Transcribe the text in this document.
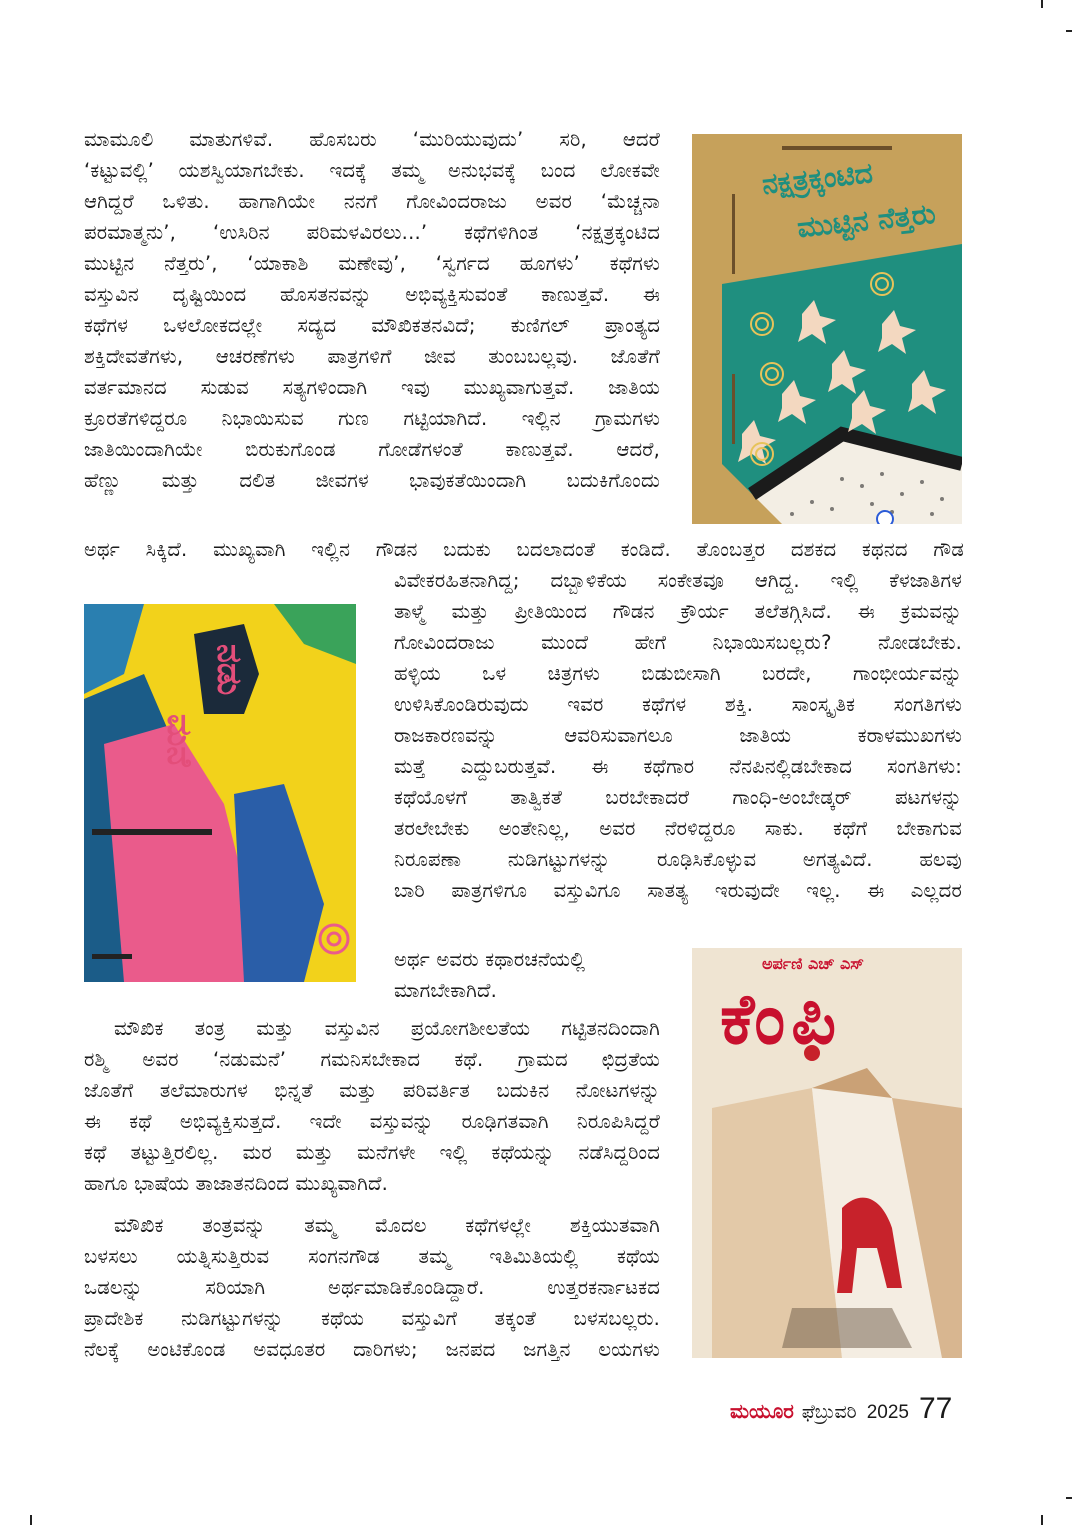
ಮಾಮೂಲಿ ಮಾತುಗಳಿವೆ. ಹೊಸಬರು ‘ಮುರಿಯುವುದು’ ಸರಿ, ಆದರೆ
‘ಕಟ್ಟುವಲ್ಲಿ’ ಯಶಸ್ವಿಯಾಗಬೇಕು. ಇದಕ್ಕೆ ತಮ್ಮ ಅನುಭವಕ್ಕೆ ಬಂದ ಲೋಕವೇ
ಆಗಿದ್ದರೆ ಒಳಿತು. ಹಾಗಾಗಿಯೇ ನನಗೆ ಗೋವಿಂದರಾಜು ಅವರ ‘ಮೆಚ್ಚನಾ
ಪರಮಾತ್ಮನು’, ‘ಉಸಿರಿನ ಪರಿಮಳವಿರಲು...’ ಕಥೆಗಳಿಗಿಂತ ‘ನಕ್ಷತ್ರಕ್ಕಂಟಿದ
ಮುಟ್ಟಿನ ನೆತ್ತರು’, ‘ಯಾಕಾಶಿ ಮಣೇವು’, ‘ಸ್ವರ್ಗದ ಹೂಗಳು’ ಕಥೆಗಳು
ವಸ್ತುವಿನ ದೃಷ್ಟಿಯಿಂದ ಹೊಸತನವನ್ನು ಅಭಿವ್ಯಕ್ತಿಸುವಂತೆ ಕಾಣುತ್ತವೆ. ಈ
ಕಥೆಗಳ ಒಳಲೋಕದಲ್ಲೇ ಸದ್ಯದ ಮೌಖಿಕತನವಿದೆ; ಕುಣಿಗಲ್ ಪ್ರಾಂತ್ಯದ
ಶಕ್ತಿದೇವತೆಗಳು, ಆಚರಣೆಗಳು ಪಾತ್ರಗಳಿಗೆ ಜೀವ ತುಂಬಬಲ್ಲವು. ಜೊತೆಗೆ
ವರ್ತಮಾನದ ಸುಡುವ ಸತ್ಯಗಳಿಂದಾಗಿ ಇವು ಮುಖ್ಯವಾಗುತ್ತವೆ. ಜಾತಿಯ
ಕ್ರೂರತೆಗಳಿದ್ದರೂ ನಿಭಾಯಿಸುವ ಗುಣ ಗಟ್ಟಿಯಾಗಿದೆ. ಇಲ್ಲಿನ ಗ್ರಾಮಗಳು
ಜಾತಿಯಿಂದಾಗಿಯೇ ಬಿರುಕುಗೊಂಡ ಗೋಡೆಗಳಂತೆ ಕಾಣುತ್ತವೆ. ಆದರೆ,
ಹೆಣ್ಣು ಮತ್ತು ದಲಿತ ಜೀವಗಳ ಭಾವುಕತೆಯಿಂದಾಗಿ ಬದುಕಿಗೊಂದು
ಅರ್ಥ ಸಿಕ್ಕಿದೆ. ಮುಖ್ಯವಾಗಿ ಇಲ್ಲಿನ ಗೌಡನ ಬದುಕು ಬದಲಾದಂತೆ ಕಂಡಿದೆ. ತೊಂಬತ್ತರ ದಶಕದ ಕಥನದ ಗೌಡ
ವಿವೇಕರಹಿತನಾಗಿದ್ದ; ದಬ್ಬಾಳಿಕೆಯ ಸಂಕೇತವೂ ಆಗಿದ್ದ. ಇಲ್ಲಿ ಕೆಳಜಾತಿಗಳ
ತಾಳ್ಮೆ ಮತ್ತು ಪ್ರೀತಿಯಿಂದ ಗೌಡನ ಕ್ರೌರ್ಯ ತಲೆತಗ್ಗಿಸಿದೆ. ಈ ಕ್ರಮವನ್ನು
ಗೋವಿಂದರಾಜು ಮುಂದೆ ಹೇಗೆ ನಿಭಾಯಿಸಬಲ್ಲರು? ನೋಡಬೇಕು.
ಹಳ್ಳಿಯ ಒಳ ಚಿತ್ರಗಳು ಬಿಡುಬೀಸಾಗಿ ಬರದೇ, ಗಾಂಭೀರ್ಯವನ್ನು
ಉಳಿಸಿಕೊಂಡಿರುವುದು ಇವರ ಕಥೆಗಳ ಶಕ್ತಿ. ಸಾಂಸ್ಕೃತಿಕ ಸಂಗತಿಗಳು
ರಾಜಕಾರಣವನ್ನು ಆವರಿಸುವಾಗಲೂ ಜಾತಿಯ ಕರಾಳಮುಖಗಳು
ಮತ್ತೆ ಎದ್ದುಬರುತ್ತವೆ. ಈ ಕಥೆಗಾರ ನೆನಪಿನಲ್ಲಿಡಬೇಕಾದ ಸಂಗತಿಗಳು:
ಕಥೆಯೊಳಗೆ ತಾತ್ವಿಕತೆ ಬರಬೇಕಾದರೆ ಗಾಂಧಿ-ಅಂಬೇಡ್ಕರ್ ಪಟಗಳನ್ನು
ತರಲೇಬೇಕು ಅಂತೇನಿಲ್ಲ, ಅವರ ನೆರಳಿದ್ದರೂ ಸಾಕು. ಕಥೆಗೆ ಬೇಕಾಗುವ
ನಿರೂಪಣಾ ನುಡಿಗಟ್ಟುಗಳನ್ನು ರೂಢಿಸಿಕೊಳ್ಳುವ ಅಗತ್ಯವಿದೆ. ಹಲವು
ಬಾರಿ ಪಾತ್ರಗಳಿಗೂ ವಸ್ತುವಿಗೂ ಸಾತತ್ಯ ಇರುವುದೇ ಇಲ್ಲ. ಈ ಎಲ್ಲದರ
ಅರ್ಥ ಅವರು ಕಥಾರಚನೆಯಲ್ಲಿ
ಮಾಗಬೇಕಾಗಿದೆ.
ಮೌಖಿಕ ತಂತ್ರ ಮತ್ತು ವಸ್ತುವಿನ ಪ್ರಯೋಗಶೀಲತೆಯ ಗಟ್ಟಿತನದಿಂದಾಗಿ
ರಶ್ಮಿ ಅವರ ‘ನಡುಮನೆ’ ಗಮನಿಸಬೇಕಾದ ಕಥೆ. ಗ್ರಾಮದ ಛಿದ್ರತೆಯ
ಜೊತೆಗೆ ತಲೆಮಾರುಗಳ ಭಿನ್ನತೆ ಮತ್ತು ಪರಿವರ್ತಿತ ಬದುಕಿನ ನೋಟಗಳನ್ನು
ಈ ಕಥೆ ಅಭಿವ್ಯಕ್ತಿಸುತ್ತದೆ. ಇದೇ ವಸ್ತುವನ್ನು ರೂಢಿಗತವಾಗಿ ನಿರೂಪಿಸಿದ್ದರೆ
ಕಥೆ ತಟ್ಟುತ್ತಿರಲಿಲ್ಲ. ಮರ ಮತ್ತು ಮನೆಗಳೇ ಇಲ್ಲಿ ಕಥೆಯನ್ನು ನಡೆಸಿದ್ದರಿಂದ
ಹಾಗೂ ಭಾಷೆಯ ತಾಜಾತನದಿಂದ ಮುಖ್ಯವಾಗಿದೆ.
ಮೌಖಿಕ ತಂತ್ರವನ್ನು ತಮ್ಮ ಮೊದಲ ಕಥೆಗಳಲ್ಲೇ ಶಕ್ತಿಯುತವಾಗಿ
ಬಳಸಲು ಯತ್ನಿಸುತ್ತಿರುವ ಸಂಗನಗೌಡ ತಮ್ಮ ಇತಿಮಿತಿಯಲ್ಲಿ ಕಥೆಯ
ಒಡಲನ್ನು ಸರಿಯಾಗಿ ಅರ್ಥಮಾಡಿಕೊಂಡಿದ್ದಾರೆ. ಉತ್ತರಕರ್ನಾಟಕದ
ಪ್ರಾದೇಶಿಕ ನುಡಿಗಟ್ಟುಗಳನ್ನು ಕಥೆಯ ವಸ್ತುವಿಗೆ ತಕ್ಕಂತೆ ಬಳಸಬಲ್ಲರು.
ನೆಲಕ್ಕೆ ಅಂಟಿಕೊಂಡ ಅವಧೂತರ ದಾರಿಗಳು; ಜನಪದ ಜಗತ್ತಿನ ಲಯಗಳು
ನಕ್ಷತ್ರಕ್ಕಂಟಿದ
ಮುಟ್ಟಿನ ನೆತ್ತರು
ನಡು
ಮನೆ
ಅರ್ಪಣಿ ಎಚ್ ಎಸ್
ಕೆಂಪಿ
ಮಯೂರ ಫೆಬ್ರುವರಿ 2025 77
